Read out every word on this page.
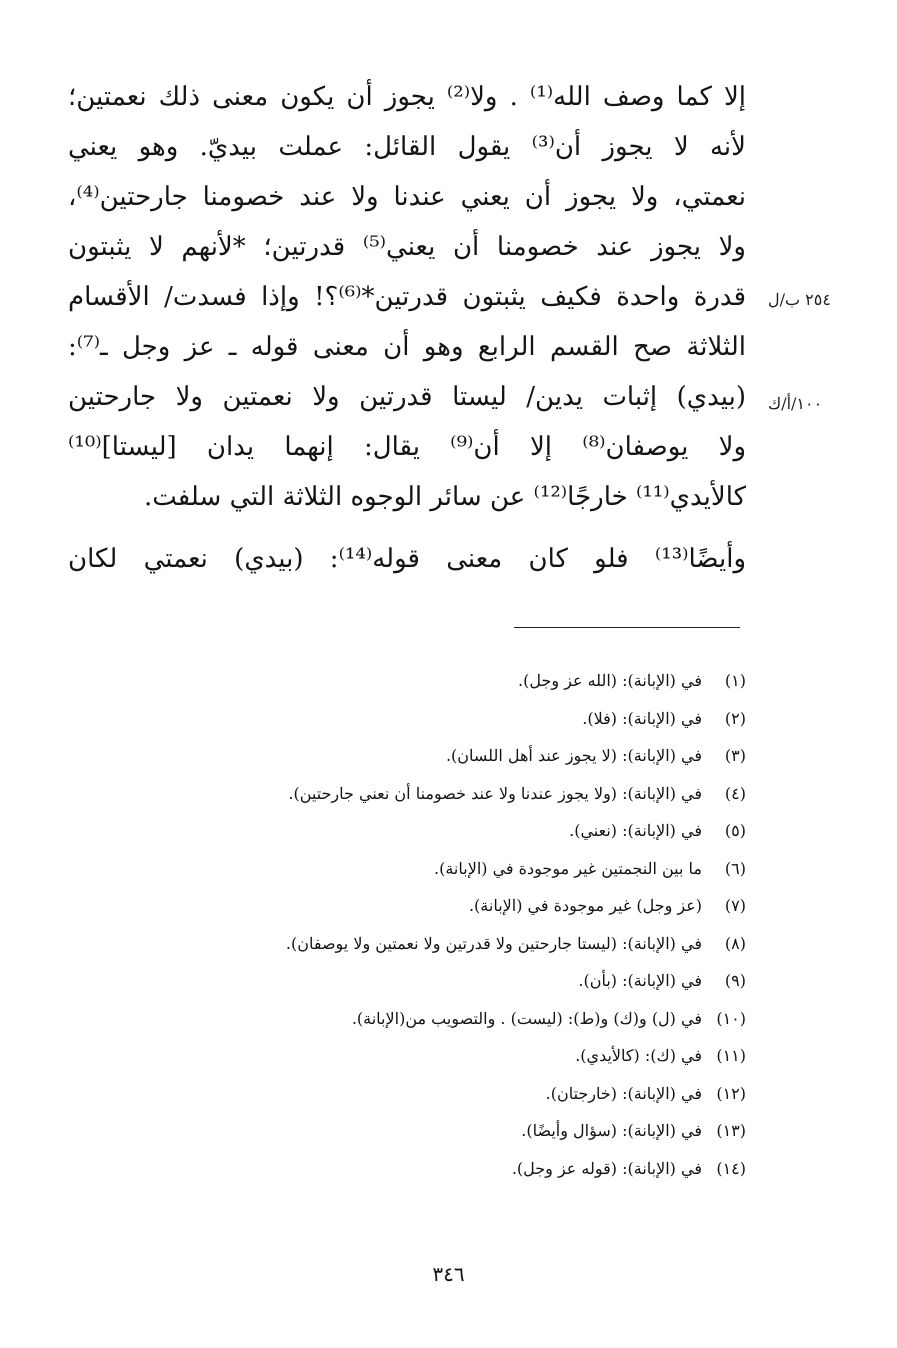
إلا كما وصف الله⁽¹⁾ . ولا⁽²⁾ يجوز أن يكون معنى ذلك نعمتين؛
لأنه لا يجوز أن⁽³⁾ يقول القائل: عملت بيديّ. وهو يعني
نعمتي، ولا يجوز أن يعني عندنا ولا عند خصومنا جارحتين⁽⁴⁾،
ولا يجوز عند خصومنا أن يعني⁽⁵⁾ قدرتين؛ *لأنهم لا يثبتون
قدرة واحدة فكيف يثبتون قدرتين*⁽⁶⁾؟! وإذا فسدت/ الأقسام
الثلاثة صح القسم الرابع وهو أن معنى قوله ـ عز وجل ـ⁽⁷⁾:
(بيدي) إثبات يدين/ ليستا قدرتين ولا نعمتين ولا جارحتين
ولا يوصفان⁽⁸⁾ إلا أن⁽⁹⁾ يقال: إنهما يدان [ليستا]⁽¹⁰⁾
كالأيدي⁽¹¹⁾ خارجًا⁽¹²⁾ عن سائر الوجوه الثلاثة التي سلفت.
وأيضًا⁽¹³⁾ فلو كان معنى قوله⁽¹⁴⁾: (بيدي) نعمتي لكان
٢٥٤ ب/ل
١٠٠/أ/ك
(١)في (الإبانة): (الله عز وجل).
(٢)في (الإبانة): (فلا).
(٣)في (الإبانة): (لا يجوز عند أهل اللسان).
(٤)في (الإبانة): (ولا يجوز عندنا ولا عند خصومنا أن نعني جارحتين).
(٥)في (الإبانة): (نعني).
(٦)ما بين النجمتين غير موجودة في (الإبانة).
(٧)(عز وجل) غير موجودة في (الإبانة).
(٨)في (الإبانة): (ليستا جارحتين ولا قدرتين ولا نعمتين ولا يوصفان).
(٩)في (الإبانة): (بأن).
(١٠)في (ل) و(ك) و(ط): (ليست) . والتصويب من(الإبانة).
(١١)في (ك): (كالأيدي).
(١٢)في (الإبانة): (خارجتان).
(١٣)في (الإبانة): (سؤال وأيضًا).
(١٤)في (الإبانة): (قوله عز وجل).
٣٤٦
